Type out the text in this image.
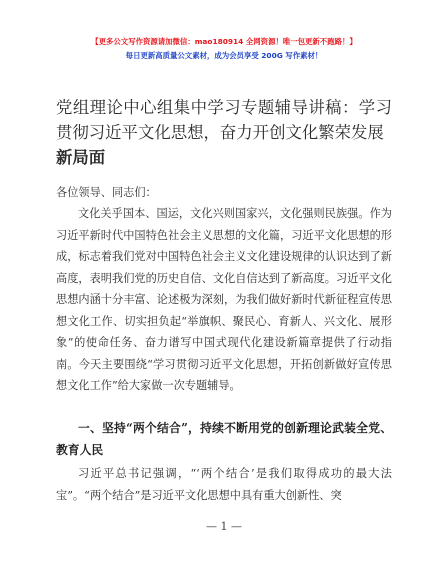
【更多公文写作资源请加微信：mao180914 全网资源！唯一包更新不跑路！】
每日更新高质量公文素材，成为会员享受 200G 写作素材！
党组理论中心组集中学习专题辅导讲稿：学习贯彻习近平文化思想，奋力开创文化繁荣发展
新局面
各位领导、同志们：

文化关乎国本、国运，文化兴则国家兴，文化强则民族强。作为习近平新时代中国特色社会主义思想的文化篇，习近平文化思想的形成，标志着我们党对中国特色社会主义文化建设规律的认识达到了新高度，表明我们党的历史自信、文化自信达到了新高度。习近平文化思想内涵十分丰富、论述极为深刻，为我们做好新时代新征程宣传思想文化工作、切实担负起“举旗帜、聚民心、育新人、兴文化、展形象”的使命任务、奋力谱写中国式现代化建设新篇章提供了行动指南。今天主要围绕“学习贯彻习近平文化思想，开拓创新做好宣传思想文化工作”给大家做一次专题辅导。

一、坚持“两个结合”，持续不断用党的创新理论武装全党、教育人民

习近平总书记强调，“‘两个结合’是我们取得成功的最大法宝”。“两个结合”是习近平文化思想中具有重大创新性、突

— 1 —
